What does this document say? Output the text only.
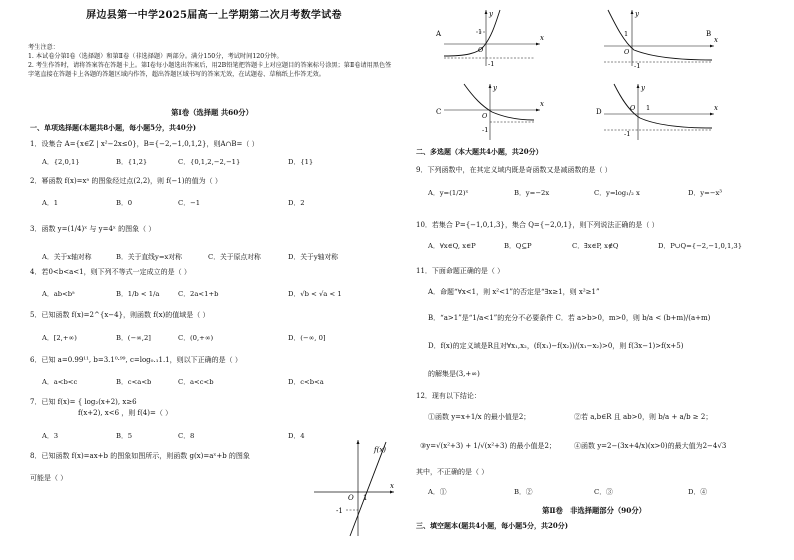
屏边县第一中学2025届高一上学期第二次月考数学试卷
考生注意：
1. 本试卷分第Ⅰ卷（选择题）和第Ⅱ卷（非选择题）两部分。满分150分，考试时间120分钟。
2. 考生作答时，请将答案答在答题卡上。第Ⅰ卷每小题选出答案后，用2B铅笔把答题卡上对应题目的答案标号涂黑；第Ⅱ卷请用黑色签字笔直接在答题卡上各题的答题区域内作答，超出答题区域书写的答案无效，在试题卷、草稿纸上作答无效。
第Ⅰ卷（选择题 共60分）
一、单项选择题(本题共8小题，每小题5分，共40分)
1．设集合 A={x∈Z | x²−2x≤0}，B={−2,−1,0,1,2}，则A∩B=（ ）
A．{2,0,1}	B．{1,2}	C．{0,1,2,−2,−1}	D．{1}
2．幂函数 f(x)=xᵃ 的图象经过点(2,2)，则 f(−1)的值为（ ）
A．1	B．0	C．−1	D．2
3．函数 y=(1/4)ˣ 与 y=4ˣ 的图象（ ）
A．关于x轴对称	B．关于直线y=x对称	C．关于原点对称	D．关于y轴对称
4．若0<b<a<1，则下列不等式一定成立的是（ ）
A．ab<bᵃ	B．1/b < 1/a	C．2a<1+b	D．√b < √a < 1
5．已知函数 f(x)=2^{x−4}，则函数 f(x)的值域是（ ）
A．[2,+∞)	B．(−∞,2]	C．(0,+∞)	D．(−∞, 0]
6．已知 a=0.99¹¹, b=3.1⁰·⁹⁹, c=log₀.₁1.1，则以下正确的是（ ）
A．a<b<c	B．c<a<b	C．a<c<b	D．c<b<a
7．已知 f(x)= { log₂(x+2), x≥6
f(x+2), x<6 ，则 f(4)=（ ）
A．3	B．5	C．8	D．4
8．已知函数 f(x)=ax+b 的图象如图所示，则函数 g(x)=aˣ+b 的图象
可能是（ ）
f(x)
x
O 1
-1
y
x
O
1
-1
A
y
x
O
1
-1
B
y
x
O
-1
C
y
x
O 1
-1
D
二、多选题（本大题共4小题，共20分）
9．下列函数中，在其定义域内既是奇函数又是减函数的是（ ）
A．y=(1/2)ˣ	B．y=−2x	C．y=log₁/₂ x	D．y=−x³
10．若集合 P={−1,0,1,3}，集合 Q={−2,0,1}，则下列说法正确的是（ ）
A．∀x∈Q, x∈P	B．Q⊆P	C．∃x∈P, x∉Q	D．P∪Q={−2,−1,0,1,3}
11．下面命题正确的是（ ）
A．命题“∀x<1，则 x²<1”的否定是“∃x≥1，则 x²≥1”
B．“a>1”是“1/a<1”的充分不必要条件 C．若 a>b>0，m>0，则 b/a < (b+m)/(a+m)
D．f(x)的定义域是R且对∀x₁,x₂，(f(x₁)−f(x₂))/(x₁−x₂)>0，则 f(3x−1)>f(x+5)
的解集是(3,+∞)
12．现有以下结论：
①函数 y=x+1/x 的最小值是2；	②若 a,b∈R 且 ab>0，则 b/a + a/b ≥ 2；
③y=√(x²+3) + 1/√(x²+3) 的最小值是2；	④函数 y=2−(3x+4/x)(x>0)的最大值为2−4√3
其中，不正确的是（ ）
A．①	B．②	C．③	D．④
第Ⅱ卷　非选择题部分（90分）
三、填空题本(题共4小题，每小题5分，共20分)
